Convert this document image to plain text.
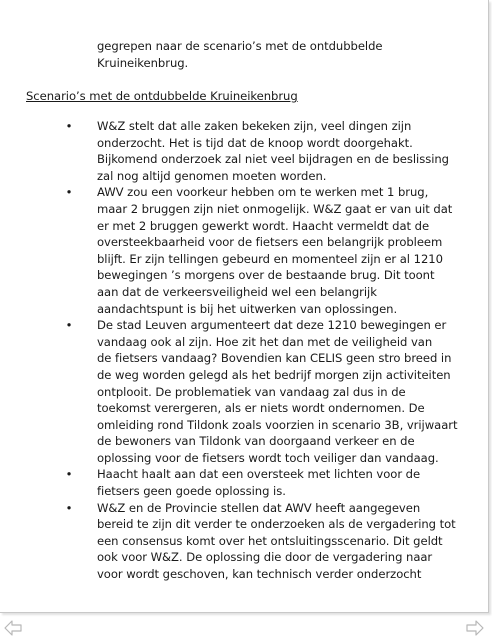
gegrepen naar de scenario’s met de ontdubbelde
Kruineikenbrug.
Scenario’s met de ontdubbelde Kruineikenbrug
• W&Z stelt dat alle zaken bekeken zijn, veel dingen zijn
onderzocht. Het is tijd dat de knoop wordt doorgehakt.
Bijkomend onderzoek zal niet veel bijdragen en de beslissing
zal nog altijd genomen moeten worden.
• AWV zou een voorkeur hebben om te werken met 1 brug,
maar 2 bruggen zijn niet onmogelijk. W&Z gaat er van uit dat
er met 2 bruggen gewerkt wordt. Haacht vermeldt dat de
oversteekbaarheid voor de fietsers een belangrijk probleem
blijft. Er zijn tellingen gebeurd en momenteel zijn er al 1210
bewegingen ’s morgens over de bestaande brug. Dit toont
aan dat de verkeersveiligheid wel een belangrijk
aandachtspunt is bij het uitwerken van oplossingen.
• De stad Leuven argumenteert dat deze 1210 bewegingen er
vandaag ook al zijn. Hoe zit het dan met de veiligheid van
de fietsers vandaag? Bovendien kan CELIS geen stro breed in
de weg worden gelegd als het bedrijf morgen zijn activiteiten
ontplooit. De problematiek van vandaag zal dus in de
toekomst verergeren, als er niets wordt ondernomen. De
omleiding rond Tildonk zoals voorzien in scenario 3B, vrijwaart
de bewoners van Tildonk van doorgaand verkeer en de
oplossing voor de fietsers wordt toch veiliger dan vandaag.
• Haacht haalt aan dat een oversteek met lichten voor de
fietsers geen goede oplossing is.
• W&Z en de Provincie stellen dat AWV heeft aangegeven
bereid te zijn dit verder te onderzoeken als de vergadering tot
een consensus komt over het ontsluitingsscenario. Dit geldt
ook voor W&Z. De oplossing die door de vergadering naar
voor wordt geschoven, kan technisch verder onderzocht
